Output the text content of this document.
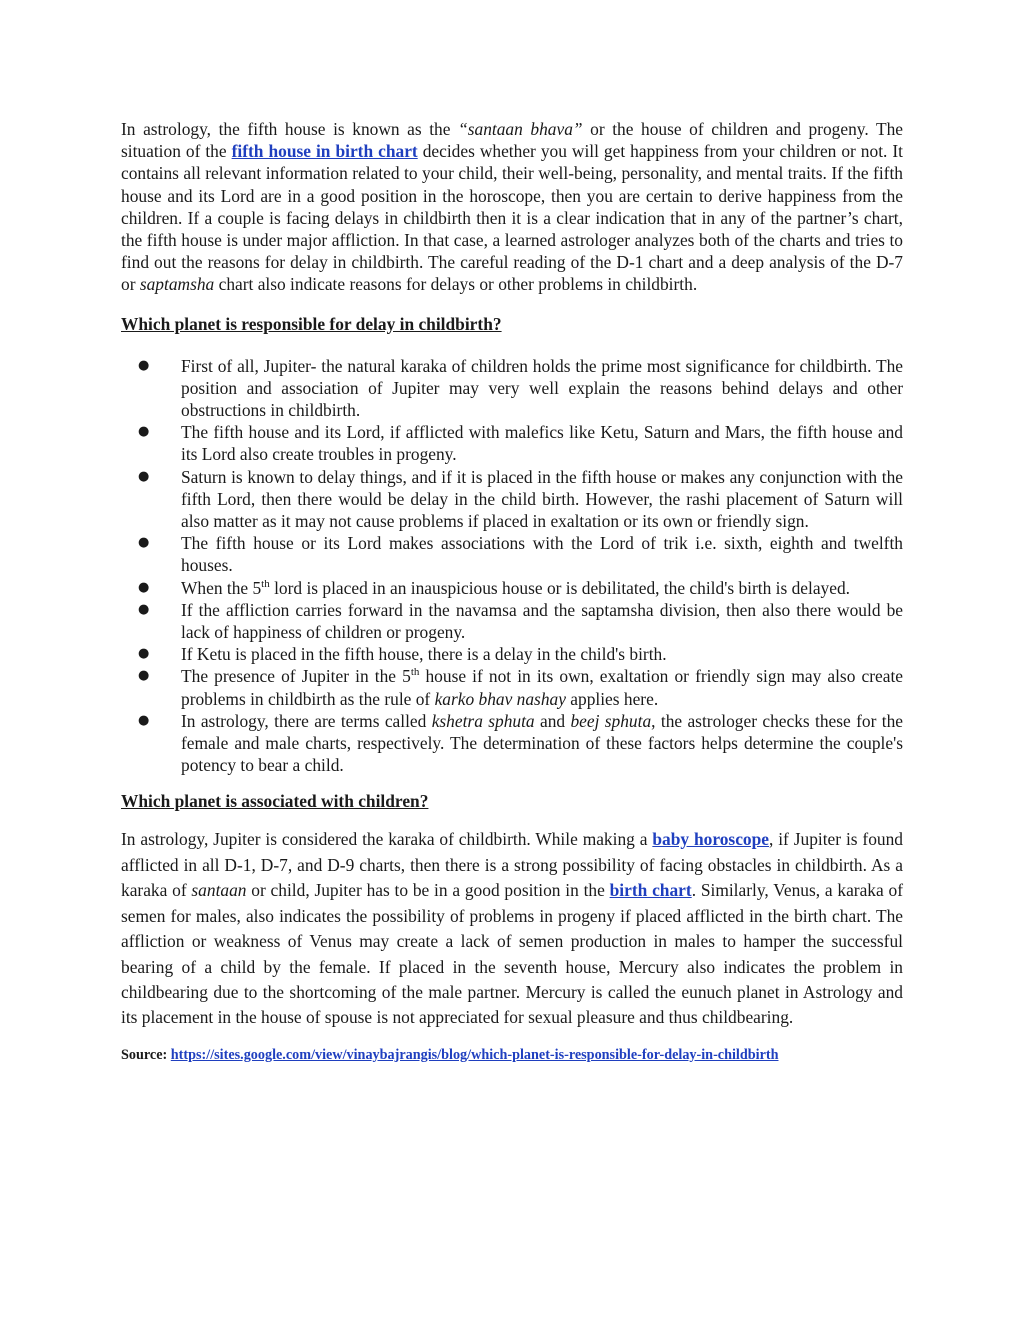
In astrology, the fifth house is known as the “santaan bhava” or the house of children and progeny. The situation of the fifth house in birth chart decides whether you will get happiness from your children or not. It contains all relevant information related to your child, their well-being, personality, and mental traits. If the fifth house and its Lord are in a good position in the horoscope, then you are certain to derive happiness from the children. If a couple is facing delays in childbirth then it is a clear indication that in any of the partner’s chart, the fifth house is under major affliction. In that case, a learned astrologer analyzes both of the charts and tries to find out the reasons for delay in childbirth. The careful reading of the D-1 chart and a deep analysis of the D-7 or saptamsha chart also indicate reasons for delays or other problems in childbirth.

Which planet is responsible for delay in childbirth?
● First of all, Jupiter- the natural karaka of children holds the prime most significance for childbirth. The position and association of Jupiter may very well explain the reasons behind delays and other obstructions in childbirth.
● The fifth house and its Lord, if afflicted with malefics like Ketu, Saturn and Mars, the fifth house and its Lord also create troubles in progeny.
● Saturn is known to delay things, and if it is placed in the fifth house or makes any conjunction with the fifth Lord, then there would be delay in the child birth. However, the rashi placement of Saturn will also matter as it may not cause problems if placed in exaltation or its own or friendly sign.
● The fifth house or its Lord makes associations with the Lord of trik i.e. sixth, eighth and twelfth houses.
● When the 5th lord is placed in an inauspicious house or is debilitated, the child's birth is delayed.
● If the affliction carries forward in the navamsa and the saptamsha division, then also there would be lack of happiness of children or progeny.
● If Ketu is placed in the fifth house, there is a delay in the child's birth.
● The presence of Jupiter in the 5th house if not in its own, exaltation or friendly sign may also create problems in childbirth as the rule of karko bhav nashay applies here.
● In astrology, there are terms called kshetra sphuta and beej sphuta, the astrologer checks these for the female and male charts, respectively. The determination of these factors helps determine the couple's potency to bear a child.
Which planet is associated with children?

In astrology, Jupiter is considered the karaka of childbirth. While making a baby horoscope, if Jupiter is found afflicted in all D-1, D-7, and D-9 charts, then there is a strong possibility of facing obstacles in childbirth. As a karaka of santaan or child, Jupiter has to be in a good position in the birth chart. Similarly, Venus, a karaka of semen for males, also indicates the possibility of problems in progeny if placed afflicted in the birth chart. The affliction or weakness of Venus may create a lack of semen production in males to hamper the successful bearing of a child by the female. If placed in the seventh house, Mercury also indicates the problem in childbearing due to the shortcoming of the male partner. Mercury is called the eunuch planet in Astrology and its placement in the house of spouse is not appreciated for sexual pleasure and thus childbearing.

Source: https://sites.google.com/view/vinaybajrangis/blog/which-planet-is-responsible-for-delay-in-childbirth
